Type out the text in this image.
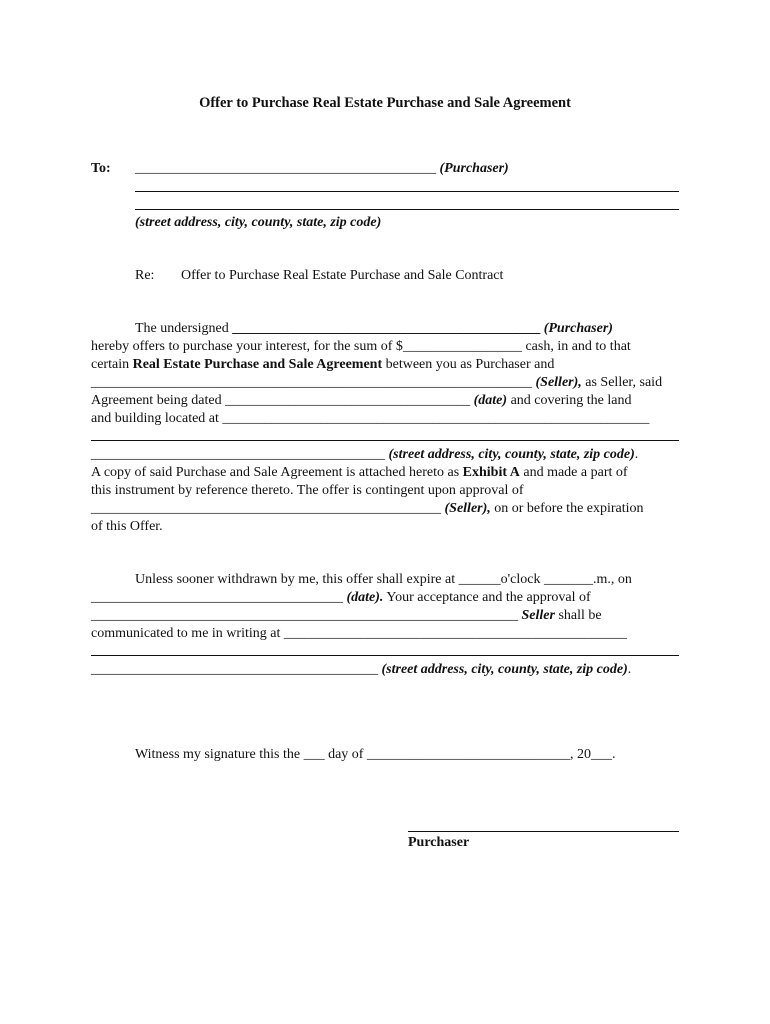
Offer to Purchase Real Estate Purchase and Sale Agreement
To: ___________________________________________ (Purchaser)
(street address, city, county, state, zip code)
Re: Offer to Purchase Real Estate Purchase and Sale Contract
The undersigned ____________________________________________ (Purchaser)
hereby offers to purchase your interest, for the sum of $_________________ cash, in and to that
certain Real Estate Purchase and Sale Agreement between you as Purchaser and
_______________________________________________________________ (Seller), as Seller, said
Agreement being dated ___________________________________ (date) and covering the land
and building located at _____________________________________________________________
__________________________________________ (street address, city, county, state, zip code).
A copy of said Purchase and Sale Agreement is attached hereto as Exhibit A and made a part of
this instrument by reference thereto. The offer is contingent upon approval of
__________________________________________________ (Seller), on or before the expiration
of this Offer.
Unless sooner withdrawn by me, this offer shall expire at ______o'clock _______.m., on
____________________________________ (date). Your acceptance and the approval of
_____________________________________________________________ Seller shall be
communicated to me in writing at _________________________________________________
_________________________________________ (street address, city, county, state, zip code).
Witness my signature this the ___ day of _____________________________, 20___.
Purchaser
